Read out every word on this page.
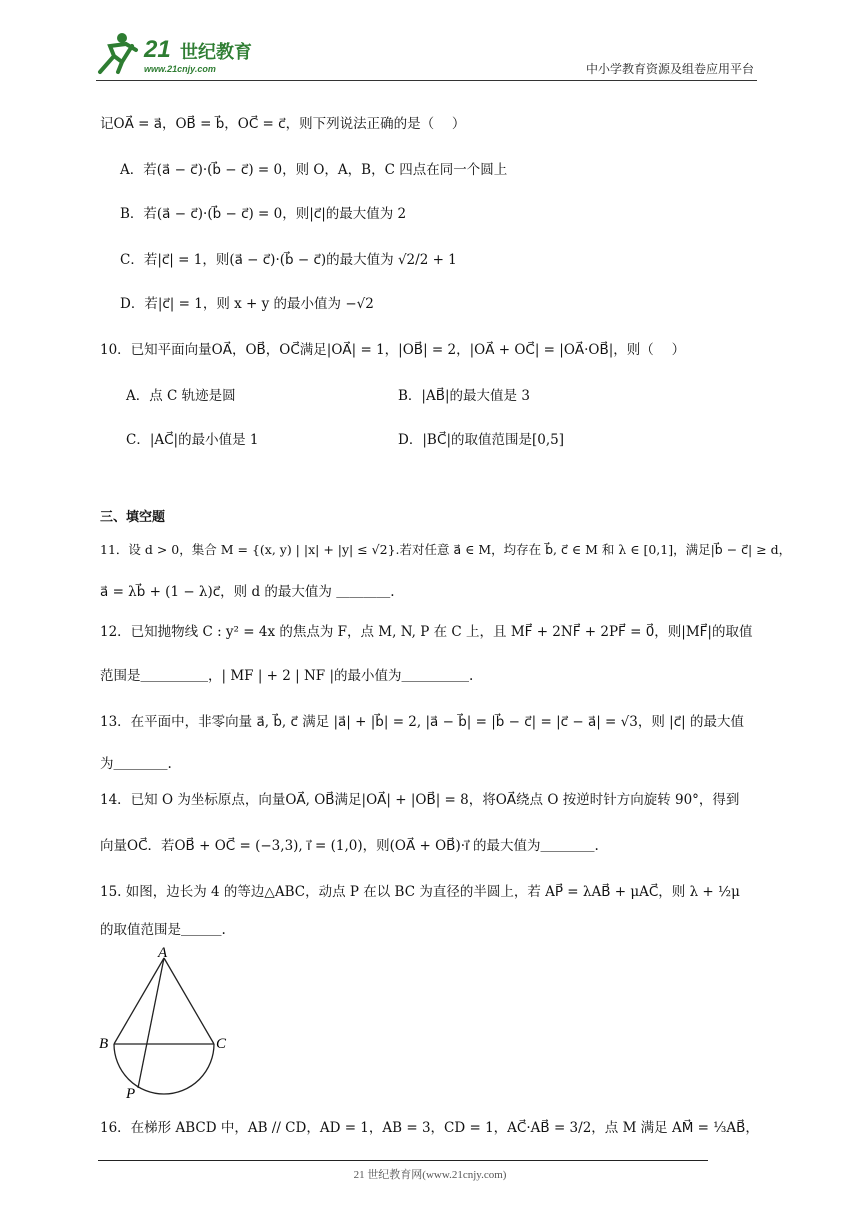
21 世纪教育
www.21cnjy.com	中小学教育资源及组卷应用平台
记OA⃗ = a⃗，OB⃗ = b⃗，OC⃗ = c⃗，则下列说法正确的是（　 ）
A．若(a⃗ − c⃗)·(b⃗ − c⃗) = 0，则 O，A，B，C 四点在同一个圆上
B．若(a⃗ − c⃗)·(b⃗ − c⃗) = 0，则|c⃗|的最大值为 2
C．若|c⃗| = 1，则(a⃗ − c⃗)·(b⃗ − c⃗)的最大值为 √2/2 + 1
D．若|c⃗| = 1，则 x + y 的最小值为 −√2
10．已知平面向量OA⃗，OB⃗，OC⃗满足|OA⃗| = 1，|OB⃗| = 2，|OA⃗ + OC⃗| = |OA⃗·OB⃗|，则（　 ）
A．点 C 轨迹是圆	B．|AB⃗|的最大值是 3
C．|AC⃗|的最小值是 1	D．|BC⃗|的取值范围是[0,5]
三、填空题
11．设 d > 0，集合 M = {(x, y) | |x| + |y| ≤ √2}.若对任意 a⃗ ∈ M，均存在 b⃗, c⃗ ∈ M 和 λ ∈ [0,1]，满足|b⃗ − c⃗| ≥ d，
a⃗ = λb⃗ + (1 − λ)c⃗，则 d 的最大值为 ＿＿＿＿.
12．已知抛物线 C : y² = 4x 的焦点为 F，点 M, N, P 在 C 上，且 MF⃗ + 2NF⃗ + 2PF⃗ = 0⃗，则|MF⃗|的取值
范围是＿＿＿＿＿，| MF | + 2 | NF |的最小值为＿＿＿＿＿.
13．在平面中，非零向量 a⃗, b⃗, c⃗ 满足 |a⃗| + |b⃗| = 2, |a⃗ − b⃗| = |b⃗ − c⃗| = |c⃗ − a⃗| = √3，则 |c⃗| 的最大值
为＿＿＿＿.
14．已知 O 为坐标原点，向量OA⃗, OB⃗满足|OA⃗| + |OB⃗| = 8，将OA⃗绕点 O 按逆时针方向旋转 90°，得到
向量OC⃗．若OB⃗ + OC⃗ = (−3,3), i⃗ = (1,0)，则(OA⃗ + OB⃗)·i⃗ 的最大值为＿＿＿＿.
15. 如图，边长为 4 的等边△ABC，动点 P 在以 BC 为直径的半圆上，若 AP⃗ = λAB⃗ + μAC⃗，则 λ + ½μ
的取值范围是＿＿＿.
A
B	C
P
16．在梯形 ABCD 中，AB // CD，AD = 1，AB = 3，CD = 1，AC⃗·AB⃗ = 3/2，点 M 满足 AM⃗ = ⅓AB⃗，
21 世纪教育网(www.21cnjy.com)
